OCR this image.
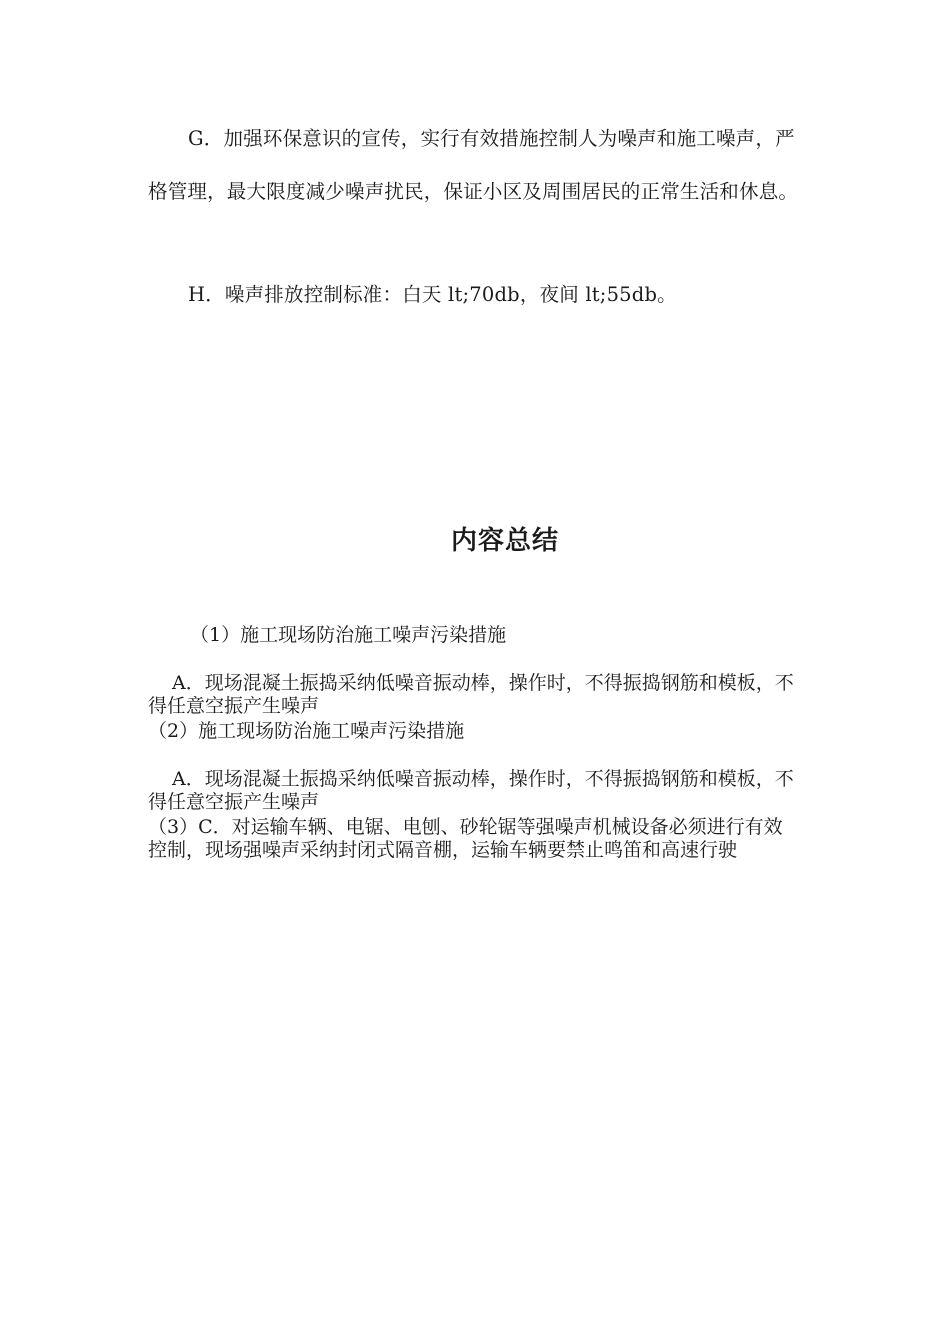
G．加强环保意识的宣传，实行有效措施控制人为噪声和施工噪声，严格管理，最大限度减少噪声扰民，保证小区及周围居民的正常生活和休息。

H．噪声排放控制标准：白天 lt;70db，夜间 lt;55db。

内容总结

（1）施工现场防治施工噪声污染措施

A．现场混凝土振捣采纳低噪音振动棒，操作时，不得振捣钢筋和模板，不得任意空振产生噪声

（2）施工现场防治施工噪声污染措施

A．现场混凝土振捣采纳低噪音振动棒，操作时，不得振捣钢筋和模板，不得任意空振产生噪声

（3）C．对运输车辆、电锯、电刨、砂轮锯等强噪声机械设备必须进行有效控制，现场强噪声采纳封闭式隔音棚，运输车辆要禁止鸣笛和高速行驶
